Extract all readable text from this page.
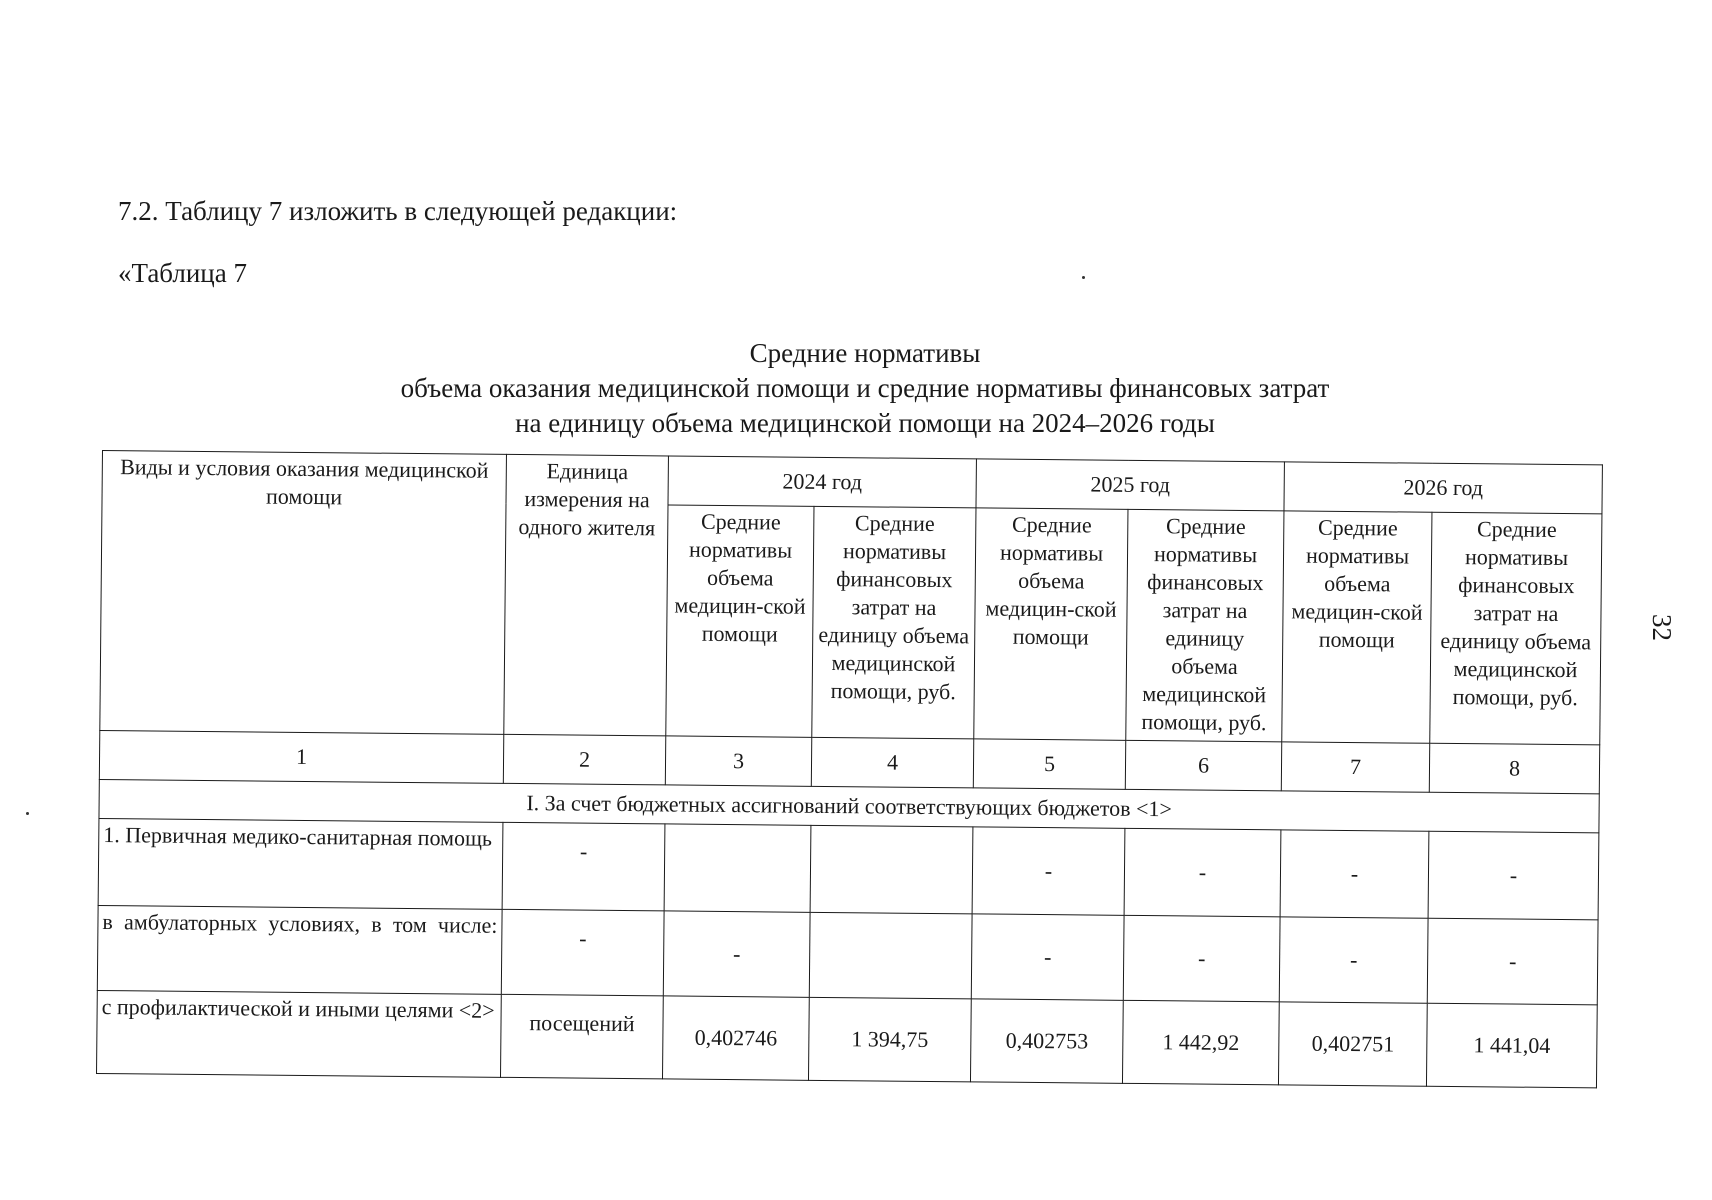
7.2. Таблицу 7 изложить в следующей редакции:

«Таблица 7

Средние нормативы
объема оказания медицинской помощи и средние нормативы финансовых затрат
на единицу объема медицинской помощи на 2024–2026 годы
32
Виды и условия оказания медицинской помощи	Единица измерения на одного жителя	2024 год		2025 год		2026 год	
		Средние нормативы объема медицин-ской помощи	Средние нормативы финансовых затрат на единицу объема медицинской помощи, руб.	Средние нормативы объема медицин-ской помощи	Средние нормативы финансовых затрат на единицу объема медицинской помощи, руб.	Средние нормативы объема медицин-ской помощи	Средние нормативы финансовых затрат на единицу объема медицинской помощи, руб.
1	2	3	4	5	6	7	8
I. За счет бюджетных ассигнований соответствующих бюджетов <1>							
1. Первичная медико-санитарная помощь	-			-	-	-	-
в амбулаторных условиях, в том числе:	-	-		-	-	-	-
с профилактической и иными целями <2>	посещений	0,402746	1 394,75	0,402753	1 442,92	0,402751	1 441,04
